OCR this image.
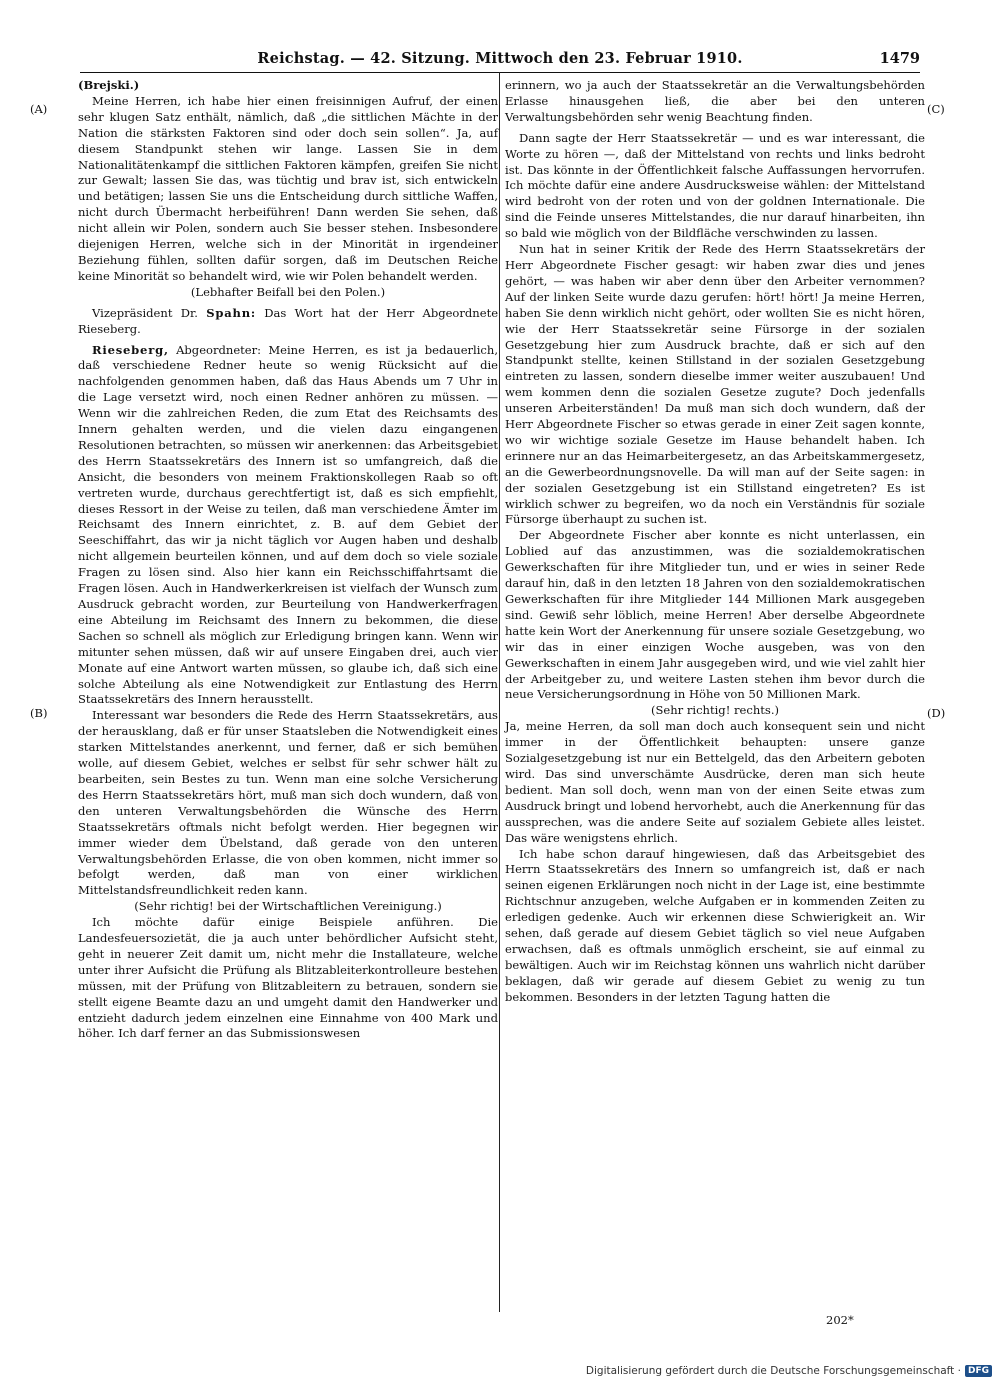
Reichstag. — 42. Sitzung. Mittwoch den 23. Februar 1910.	1479
(A)
(B)
(C)
(D)

(Brejski.)

Meine Herren, ich habe hier einen freisinnigen Aufruf, der einen sehr klugen Satz enthält, nämlich, daß „die sittlichen Mächte in der Nation die stärksten Faktoren sind oder doch sein sollen“. Ja, auf diesem Standpunkt stehen wir lange. Lassen Sie in dem Nationalitätenkampf die sittlichen Faktoren kämpfen, greifen Sie nicht zur Gewalt; lassen Sie das, was tüchtig und brav ist, sich entwickeln und betätigen; lassen Sie uns die Entscheidung durch sittliche Waffen, nicht durch Übermacht herbeiführen! Dann werden Sie sehen, daß nicht allein wir Polen, sondern auch Sie besser stehen. Insbesondere diejenigen Herren, welche sich in der Minorität in irgendeiner Beziehung fühlen, sollten dafür sorgen, daß im Deutschen Reiche keine Minorität so behandelt wird, wie wir Polen behandelt werden.

(Lebhafter Beifall bei den Polen.)

Vizepräsident Dr. Spahn: Das Wort hat der Herr Abgeordnete Rieseberg.

Rieseberg, Abgeordneter: Meine Herren, es ist ja bedauerlich, daß verschiedene Redner heute so wenig Rücksicht auf die nachfolgenden genommen haben, daß das Haus Abends um 7 Uhr in die Lage versetzt wird, noch einen Redner anhören zu müssen. — Wenn wir die zahlreichen Reden, die zum Etat des Reichsamts des Innern gehalten werden, und die vielen dazu eingangenen Resolutionen betrachten, so müssen wir anerkennen: das Arbeitsgebiet des Herrn Staatssekretärs des Innern ist so umfangreich, daß die Ansicht, die besonders von meinem Fraktionskollegen Raab so oft vertreten wurde, durchaus gerechtfertigt ist, daß es sich empfiehlt, dieses Ressort in der Weise zu teilen, daß man verschiedene Ämter im Reichsamt des Innern einrichtet, z. B. auf dem Gebiet der Seeschiffahrt, das wir ja nicht täglich vor Augen haben und deshalb nicht allgemein beurteilen können, und auf dem doch so viele soziale Fragen zu lösen sind. Also hier kann ein Reichsschiffahrtsamt die Fragen lösen. Auch in Handwerkerkreisen ist vielfach der Wunsch zum Ausdruck gebracht worden, zur Beurteilung von Handwerkerfragen eine Abteilung im Reichsamt des Innern zu bekommen, die diese Sachen so schnell als möglich zur Erledigung bringen kann. Wenn wir mitunter sehen müssen, daß wir auf unsere Eingaben drei, auch vier Monate auf eine Antwort warten müssen, so glaube ich, daß sich eine solche Abteilung als eine Notwendigkeit zur Entlastung des Herrn Staatssekretärs des Innern herausstellt.

Interessant war besonders die Rede des Herrn Staatssekretärs, aus der herausklang, daß er für unser Staatsleben die Notwendigkeit eines starken Mittelstandes anerkennt, und ferner, daß er sich bemühen wolle, auf diesem Gebiet, welches er selbst für sehr schwer hält zu bearbeiten, sein Bestes zu tun. Wenn man eine solche Versicherung des Herrn Staatssekretärs hört, muß man sich doch wundern, daß von den unteren Verwaltungsbehörden die Wünsche des Herrn Staatssekretärs oftmals nicht befolgt werden. Hier begegnen wir immer wieder dem Übelstand, daß gerade von den unteren Verwaltungsbehörden Erlasse, die von oben kommen, nicht immer so befolgt werden, daß man von einer wirklichen Mittelstandsfreundlichkeit reden kann.

(Sehr richtig! bei der Wirtschaftlichen Vereinigung.)

Ich möchte dafür einige Beispiele anführen. Die Landesfeuersozietät, die ja auch unter behördlicher Aufsicht steht, geht in neuerer Zeit damit um, nicht mehr die Installateure, welche unter ihrer Aufsicht die Prüfung als Blitzableiterkontrolleure bestehen müssen, mit der Prüfung von Blitzableitern zu betrauen, sondern sie stellt eigene Beamte dazu an und umgeht damit den Handwerker und entzieht dadurch jedem einzelnen eine Einnahme von 400 Mark und höher. Ich darf ferner an das Submissionswesen

erinnern, wo ja auch der Staatssekretär an die Verwaltungsbehörden Erlasse hinausgehen ließ, die aber bei den unteren Verwaltungsbehörden sehr wenig Beachtung finden.

Dann sagte der Herr Staatssekretär — und es war interessant, die Worte zu hören —, daß der Mittelstand von rechts und links bedroht ist. Das könnte in der Öffentlichkeit falsche Auffassungen hervorrufen. Ich möchte dafür eine andere Ausdrucksweise wählen: der Mittelstand wird bedroht von der roten und von der goldnen Internationale. Die sind die Feinde unseres Mittelstandes, die nur darauf hinarbeiten, ihn so bald wie möglich von der Bildfläche verschwinden zu lassen.

Nun hat in seiner Kritik der Rede des Herrn Staatssekretärs der Herr Abgeordnete Fischer gesagt: wir haben zwar dies und jenes gehört, — was haben wir aber denn über den Arbeiter vernommen? Auf der linken Seite wurde dazu gerufen: hört! hört! Ja meine Herren, haben Sie denn wirklich nicht gehört, oder wollten Sie es nicht hören, wie der Herr Staatssekretär seine Fürsorge in der sozialen Gesetzgebung hier zum Ausdruck brachte, daß er sich auf den Standpunkt stellte, keinen Stillstand in der sozialen Gesetzgebung eintreten zu lassen, sondern dieselbe immer weiter auszubauen! Und wem kommen denn die sozialen Gesetze zugute? Doch jedenfalls unseren Arbeiterständen! Da muß man sich doch wundern, daß der Herr Abgeordnete Fischer so etwas gerade in einer Zeit sagen konnte, wo wir wichtige soziale Gesetze im Hause behandelt haben. Ich erinnere nur an das Heimarbeitergesetz, an das Arbeitskammergesetz, an die Gewerbeordnungsnovelle. Da will man auf der Seite sagen: in der sozialen Gesetzgebung ist ein Stillstand eingetreten? Es ist wirklich schwer zu begreifen, wo da noch ein Verständnis für soziale Fürsorge überhaupt zu suchen ist.

Der Abgeordnete Fischer aber konnte es nicht unterlassen, ein Loblied auf das anzustimmen, was die sozialdemokratischen Gewerkschaften für ihre Mitglieder tun, und er wies in seiner Rede darauf hin, daß in den letzten 18 Jahren von den sozialdemokratischen Gewerkschaften für ihre Mitglieder 144 Millionen Mark ausgegeben sind. Gewiß sehr löblich, meine Herren! Aber derselbe Abgeordnete hatte kein Wort der Anerkennung für unsere soziale Gesetzgebung, wo wir das in einer einzigen Woche ausgeben, was von den Gewerkschaften in einem Jahr ausgegeben wird, und wie viel zahlt hier der Arbeitgeber zu, und weitere Lasten stehen ihm bevor durch die neue Versicherungsordnung in Höhe von 50 Millionen Mark.

(Sehr richtig! rechts.)

Ja, meine Herren, da soll man doch auch konsequent sein und nicht immer in der Öffentlichkeit behaupten: unsere ganze Sozialgesetzgebung ist nur ein Bettelgeld, das den Arbeitern geboten wird. Das sind unverschämte Ausdrücke, deren man sich heute bedient. Man soll doch, wenn man von der einen Seite etwas zum Ausdruck bringt und lobend hervorhebt, auch die Anerkennung für das aussprechen, was die andere Seite auf sozialem Gebiete alles leistet. Das wäre wenigstens ehrlich.

Ich habe schon darauf hingewiesen, daß das Arbeitsgebiet des Herrn Staatssekretärs des Innern so umfangreich ist, daß er nach seinen eigenen Erklärungen noch nicht in der Lage ist, eine bestimmte Richtschnur anzugeben, welche Aufgaben er in kommenden Zeiten zu erledigen gedenke. Auch wir erkennen diese Schwierigkeit an. Wir sehen, daß gerade auf diesem Gebiet täglich so viel neue Aufgaben erwachsen, daß es oftmals unmöglich erscheint, sie auf einmal zu bewältigen. Auch wir im Reichstag können uns wahrlich nicht darüber beklagen, daß wir gerade auf diesem Gebiet zu wenig zu tun bekommen. Besonders in der letzten Tagung hatten die

202*
Digitalisierung gefördert durch die Deutsche Forschungsgemeinschaft · DFG
